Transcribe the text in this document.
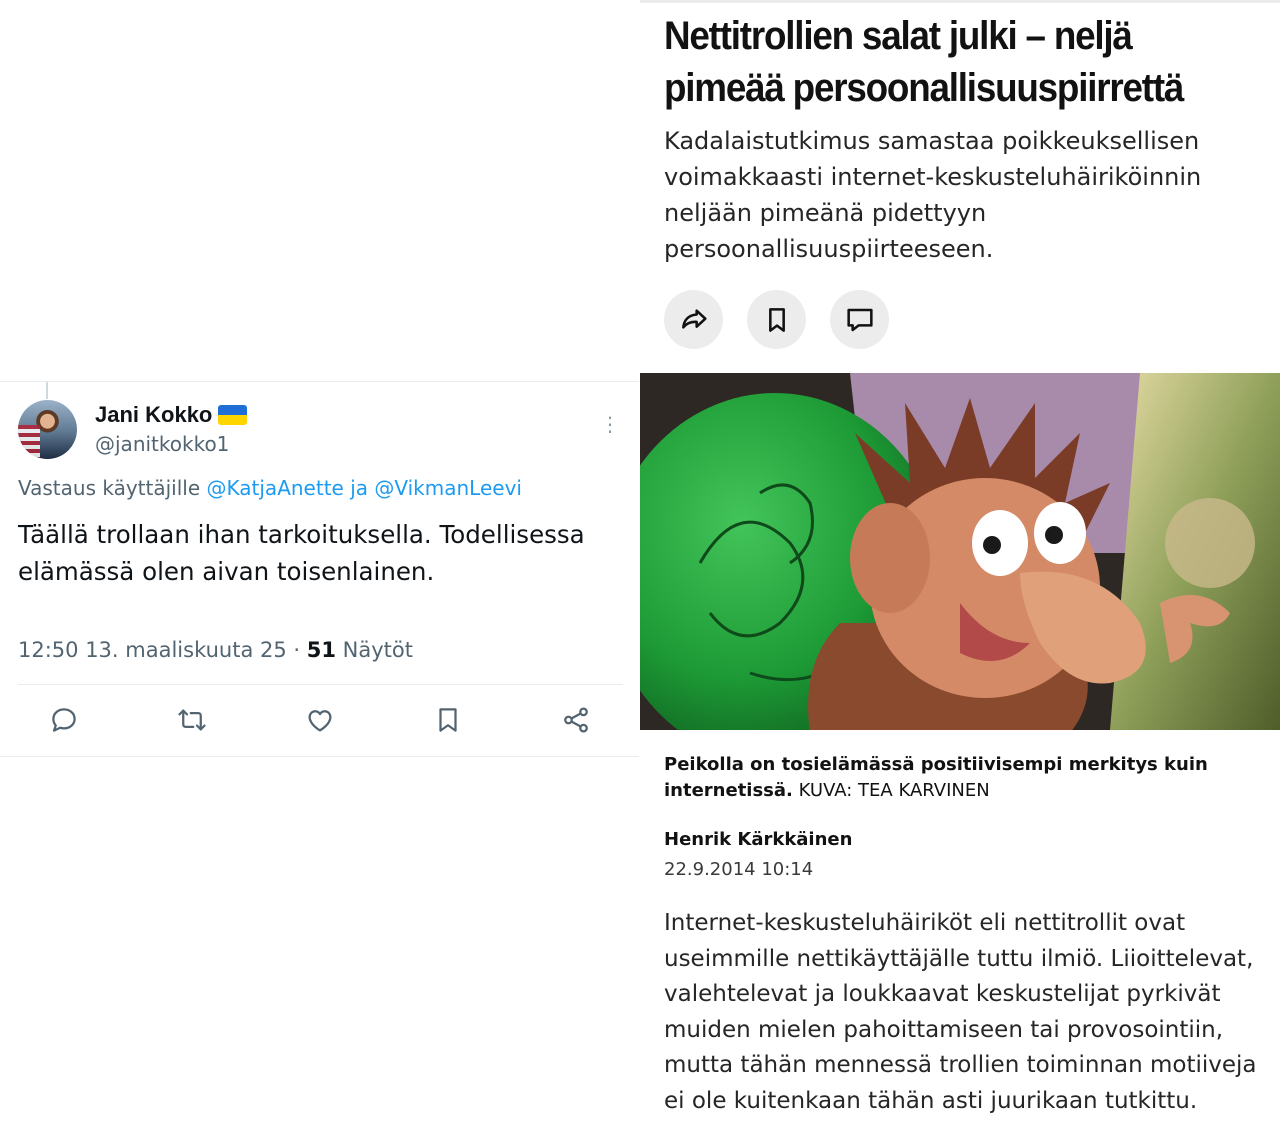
Jani Kokko
@janitkokko1
⋮
Vastaus käyttäjille @KatjaAnette ja @VikmanLeevi
Täällä trollaan ihan tarkoituksella. Todellisessa elämässä olen aivan toisenlainen.
12:50 13. maaliskuuta 25 · 51 Näytöt
Nettitrollien salat julki – neljä pimeää persoonallisuuspiirrettä
Kadalaistutkimus samastaa poikkeuksellisen voimakkaasti internet-keskusteluhäiriköinnin neljään pimeänä pidettyyn persoonallisuuspiirteeseen.
Peikolla on tosielämässä positiivisempi merkitys kuin internetissä. KUVA: TEA KARVINEN
Henrik Kärkkäinen
22.9.2014 10:14
Internet-keskusteluhäiriköt eli nettitrollit ovat useimmille nettikäyttäjälle tuttu ilmiö. Liioittelevat, valehtelevat ja loukkaavat keskustelijat pyrkivät muiden mielen pahoittamiseen tai provosointiin, mutta tähän mennessä trollien toiminnan motiiveja ei ole kuitenkaan tähän asti juurikaan tutkittu.
